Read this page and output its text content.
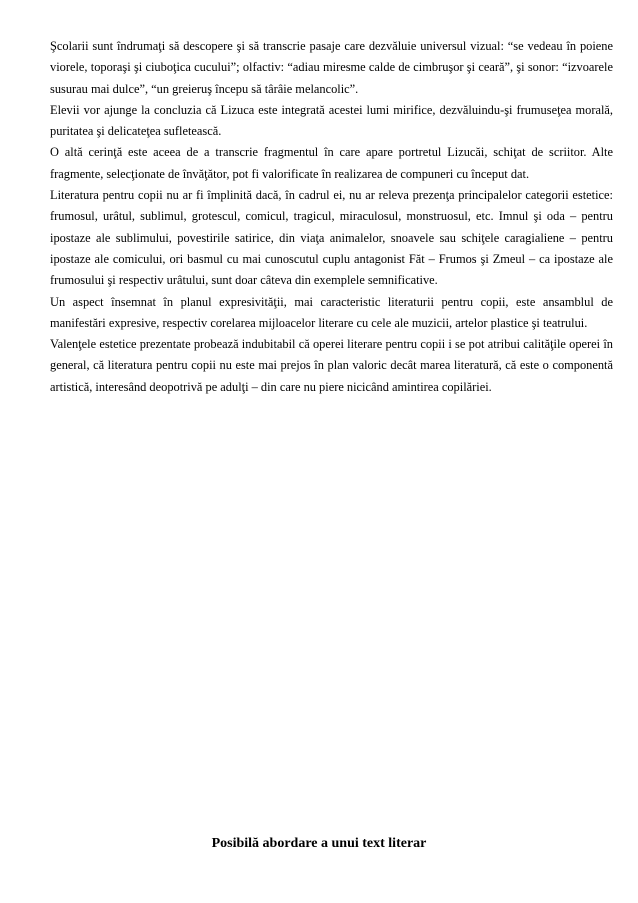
Şcolarii sunt îndrumaţi să descopere şi să transcrie pasaje care dezvăluie universul vizual: “se vedeau în poiene viorele, toporaşi şi ciuboţica cucului”; olfactiv: “adiau miresme calde de cimbruşor şi ceară”, şi sonor: “izvoarele susurau mai dulce”, “un greieruş începu să târâie melancolic”.

Elevii vor ajunge la concluzia că Lizuca este integrată acestei lumi mirifice, dezvăluindu-şi frumuseţea morală, puritatea şi delicateţea sufletească.

O altă cerinţă este aceea de a transcrie fragmentul în care apare portretul Lizucăi, schiţat de scriitor. Alte fragmente, selecţionate de învăţător, pot fi valorificate în realizarea de compuneri cu început dat.

Literatura pentru copii nu ar fi împlinită dacă, în cadrul ei, nu ar releva prezenţa principalelor categorii estetice: frumosul, urâtul, sublimul, grotescul, comicul, tragicul, miraculosul, monstruosul, etc. Imnul şi oda – pentru ipostaze ale sublimului, povestirile satirice, din viaţa animalelor, snoavele sau schiţele caragialiene – pentru ipostaze ale comicului, ori basmul cu mai cunoscutul cuplu antagonist Făt – Frumos şi Zmeul – ca ipostaze ale frumosului şi respectiv urâtului, sunt doar câteva din exemplele semnificative.

Un aspect însemnat în planul expresivităţii, mai caracteristic literaturii pentru copii, este ansamblul de manifestări expresive, respectiv corelarea mijloacelor literare cu cele ale muzicii, artelor plastice şi teatrului.

Valenţele estetice prezentate probează indubitabil că operei literare pentru copii i se pot atribui calităţile operei în general, că literatura pentru copii nu este mai prejos în plan valoric decât marea literatură, că este o componentă artistică, interesând deopotrivă pe adulţi – din care nu piere nicicând amintirea copilăriei.

Posibilă abordare a unui text literar
